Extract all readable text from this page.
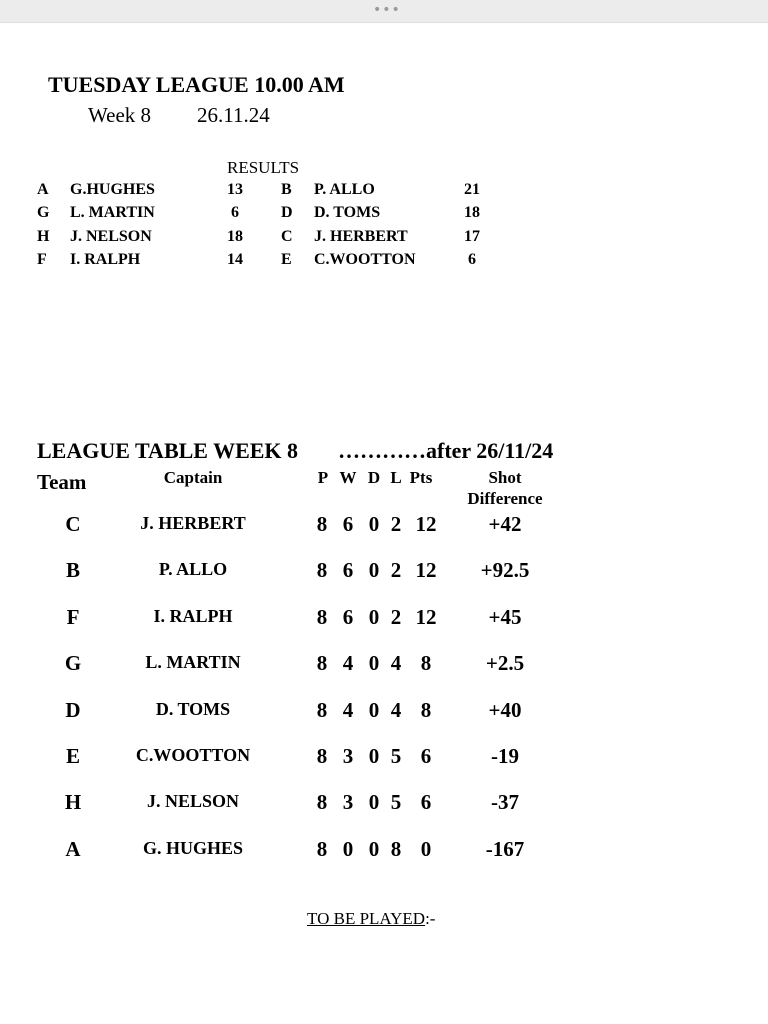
•••
TUESDAY LEAGUE 10.00 AM
Week 8 26.11.24
RESULTS
A G.HUGHES	13 B P. ALLO	21
G L. MARTIN	6	D D. TOMS	18
H J. NELSON	18 C J. HERBERT	17
F I. RALPH	14 E C.WOOTTON	6
LEAGUE TABLE WEEK 8 …………after 26/11/24
Team	Captain	P W D L Pts	Shot
Difference
C	J. HERBERT	8 6 0 2 12 +42
B	P. ALLO	8 6 0 2 12 +92.5
F	I. RALPH	8 6 0 2 12 +45
G	L. MARTIN	8 4 0 4 8	+2.5
D	D. TOMS	8 4 0 4 8	+40
E	C.WOOTTON	8 3 0 5 6	-19
H	J. NELSON	8 3 0 5 6	-37
A	G. HUGHES	8 0 0 8 0	-167
TO BE PLAYED:-
